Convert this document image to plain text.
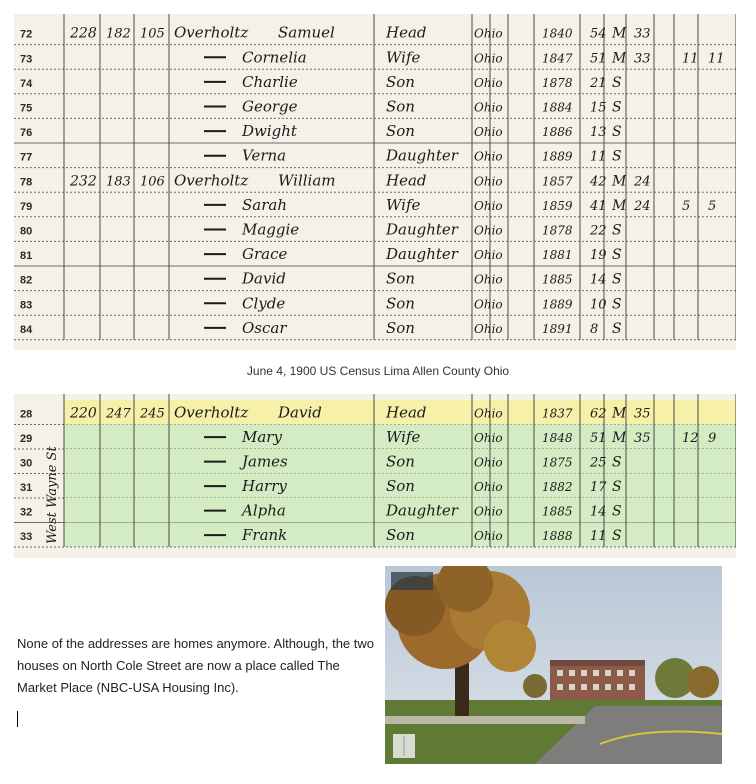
72	228 182 105 Overholtz Samuel	Head	Ohio	1840 54 M 33
73	Cornelia	Wife	Ohio	1847 51 M 33 11 11
74	Charlie	Son	Ohio	1878 21 S
75	George	Son	Ohio	1884 15 S
76	Dwight	Son	Ohio	1886 13 S
77	Verna	Daughter Ohio	1889 11 S
78	232 183 106 Overholtz William	Head	Ohio	1857 42 M 24
79	Sarah	Wife	Ohio	1859 41 M 24 5 5
80	Maggie	Daughter Ohio	1878 22 S
81	Grace	Daughter Ohio	1881 19 S
82	David	Son	Ohio	1885 14 S
83	Clyde	Son	Ohio	1889 10 S
84	Oscar	Son	Ohio	1891 8 S
June 4, 1900 US Census Lima Allen County Ohio
28	220 247 245 Overholtz David	Head	Ohio	1837 62 M 35
29	Mary	Wife	Ohio	1848 51 M 35 12 9
30	James	Son	Ohio	1875 25 S
31	Harry	Son	Ohio	1882 17 S
32	Alpha	Daughter Ohio	1885 14 S
33	Frank	Son	Ohio	1888 11 S
West Wayne St
None of the addresses are homes anymore. Although, the two houses on North Cole Street are now a place called The Market Place (NBC-USA Housing Inc).
